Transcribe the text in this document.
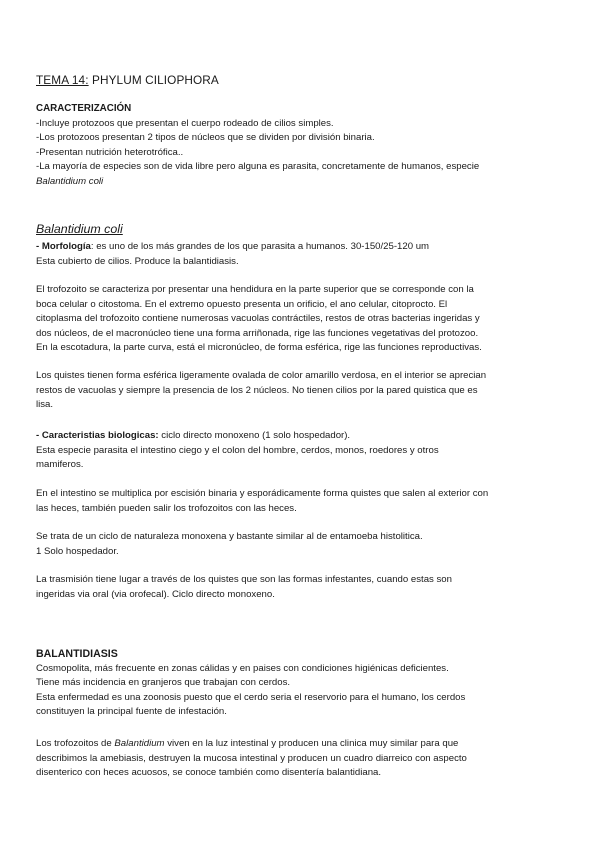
TEMA 14: PHYLUM CILIOPHORA
CARACTERIZACIÓN
-Incluye protozoos que presentan el cuerpo rodeado de cilios simples.
-Los protozoos presentan 2 tipos de núcleos que se dividen por división binaria.
-Presentan nutrición heterotrófica..
-La mayoría de especies son de vida libre pero alguna es parasita, concretamente de humanos, especie
Balantidium coli
Balantidium coli
- Morfología: es uno de los más grandes de los que parasita a humanos. 30-150/25-120 um
Esta cubierto de cilios. Produce la balantidiasis.
El trofozoito se caracteriza por presentar una hendidura en la parte superior que se corresponde con la
boca celular o citostoma. En el extremo opuesto presenta un orificio, el ano celular, citoprocto. El
citoplasma del trofozoito contiene numerosas vacuolas contráctiles, restos de otras bacterias ingeridas y
dos núcleos, de el macronúcleo tiene una forma arriñonada, rige las funciones vegetativas del protozoo.
En la escotadura, la parte curva, está el micronúcleo, de forma esférica, rige las funciones reproductivas.
Los quistes tienen forma esférica ligeramente ovalada de color amarillo verdosa, en el interior se aprecian
restos de vacuolas y siempre la presencia de los 2 núcleos. No tienen cilios por la pared quistica que es
lisa.
- Caracteristias biologicas: ciclo directo monoxeno (1 solo hospedador).
Esta especie parasita el intestino ciego y el colon del hombre, cerdos, monos, roedores y otros
mamiferos.
En el intestino se multiplica por escisión binaria y esporádicamente forma quistes que salen al exterior con
las heces, también pueden salir los trofozoitos con las heces.
Se trata de un ciclo de naturaleza monoxena y bastante similar al de entamoeba histolitica.
1 Solo hospedador.
La trasmisión tiene lugar a través de los quistes que son las formas infestantes, cuando estas son
ingeridas via oral (via orofecal). Ciclo directo monoxeno.
BALANTIDIASIS
Cosmopolita, más frecuente en zonas cálidas y en paises con condiciones higiénicas deficientes.
Tiene más incidencia en granjeros que trabajan con cerdos.
Esta enfermedad es una zoonosis puesto que el cerdo seria el reservorio para el humano, los cerdos
constituyen la principal fuente de infestación.
Los trofozoitos de Balantidium viven en la luz intestinal y producen una clinica muy similar para que
describimos la amebiasis, destruyen la mucosa intestinal y producen un cuadro diarreico con aspecto
disenterico con heces acuosos, se conoce también como disentería balantidiana.
